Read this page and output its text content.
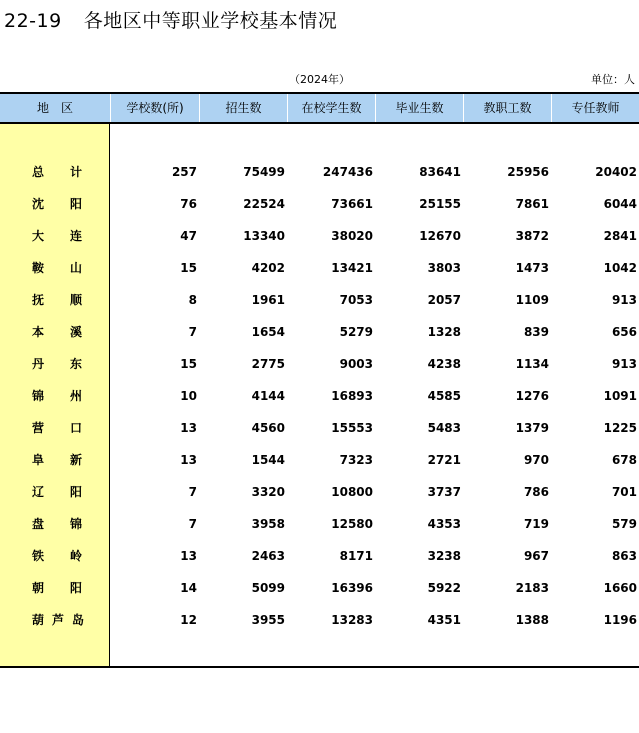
22-19 各地区中等职业学校基本情况
（2024年）	单位：人
地　区	学校数(所)	招生数	在校学生数	毕业生数	教职工数	专任教师
总计	257	75499	247436	83641	25956	20402
沈阳	76	22524	73661	25155	7861	6044
大连	47	13340	38020	12670	3872	2841
鞍山	15	4202	13421	3803	1473	1042
抚顺	8	1961	7053	2057	1109	913
本溪	7	1654	5279	1328	839	656
丹东	15	2775	9003	4238	1134	913
锦州	10	4144	16893	4585	1276	1091
营口	13	4560	15553	5483	1379	1225
阜新	13	1544	7323	2721	970	678
辽阳	7	3320	10800	3737	786	701
盘锦	7	3958	12580	4353	719	579
铁岭	13	2463	8171	3238	967	863
朝阳	14	5099	16396	5922	2183	1660
葫芦岛	12	3955	13283	4351	1388	1196
